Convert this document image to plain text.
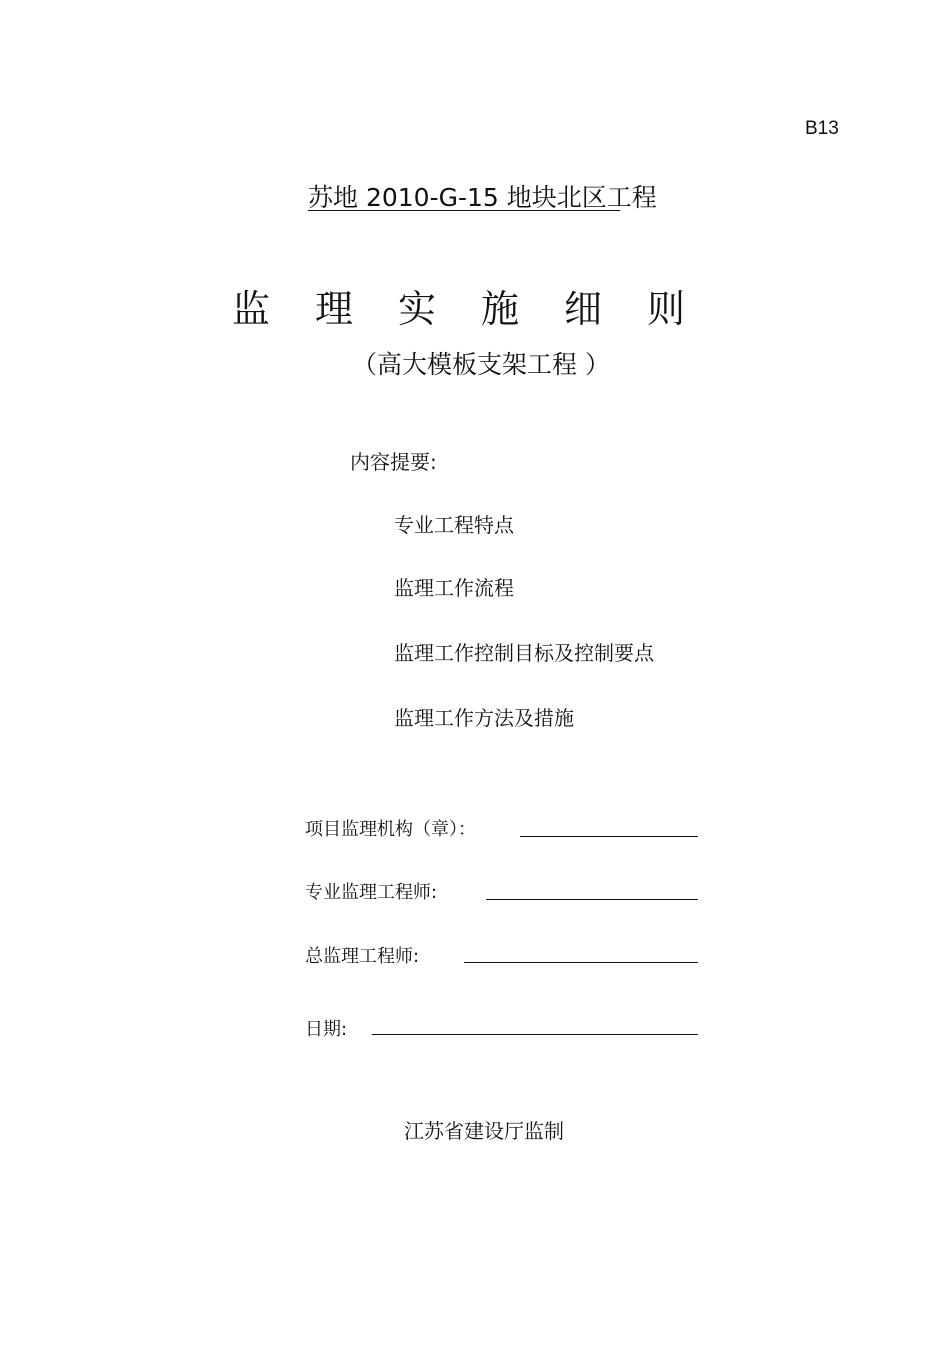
B13
苏地 2010-G-15 地块北区工程
监	理	实	施	细	则
（高大模板支架工程 ）
内容提要:
专业工程特点
监理工作流程
监理工作控制目标及控制要点
监理工作方法及措施
项目监理机构（章）：
专业监理工程师:
总监理工程师:
日期:
江苏省建设厅监制
